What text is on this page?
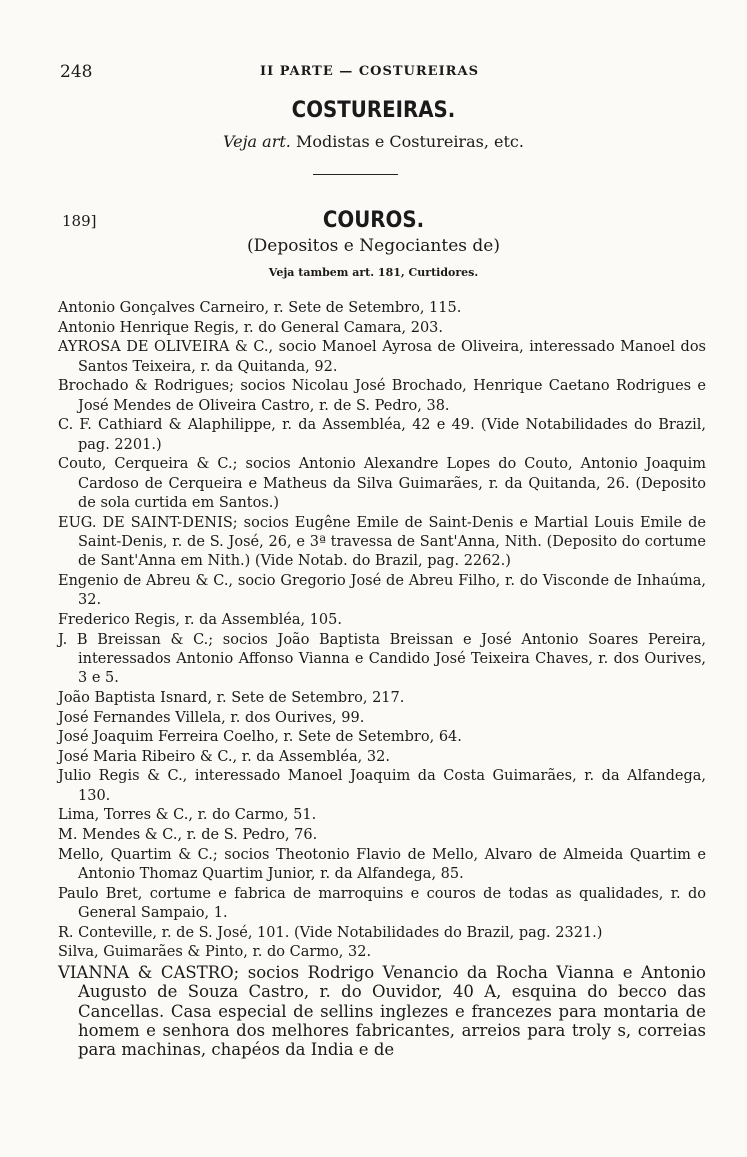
248	II PARTE — COSTUREIRAS
COSTUREIRAS.
Veja art. Modistas e Costureiras, etc.
189]	COUROS.
(Depositos e Negociantes de)
Veja tambem art. 181, Curtidores.

Antonio Gonçalves Carneiro, r. Sete de Setembro, 115.

Antonio Henrique Regis, r. do General Camara, 203.

AYROSA DE OLIVEIRA & C., socio Manoel Ayrosa de Oliveira, interessado Manoel dos Santos Teixeira, r. da Quitanda, 92.

Brochado & Rodrigues; socios Nicolau José Brochado, Henrique Caetano Rodrigues e José Mendes de Oliveira Castro, r. de S. Pedro, 38.

C. F. Cathiard & Alaphilippe, r. da Assembléa, 42 e 49. (Vide Notabilidades do Brazil, pag. 2201.)

Couto, Cerqueira & C.; socios Antonio Alexandre Lopes do Couto, Antonio Joaquim Cardoso de Cerqueira e Matheus da Silva Guimarães, r. da Quitanda, 26. (Deposito de sola curtida em Santos.)

EUG. DE SAINT-DENIS; socios Eugêne Emile de Saint-Denis e Martial Louis Emile de Saint-Denis, r. de S. José, 26, e 3ª travessa de Sant'Anna, Nith. (Deposito do cortume de Sant'Anna em Nith.) (Vide Notab. do Brazil, pag. 2262.)

Engenio de Abreu & C., socio Gregorio José de Abreu Filho, r. do Visconde de Inhaúma, 32.

Frederico Regis, r. da Assembléa, 105.

J. B Breissan & C.; socios João Baptista Breissan e José Antonio Soares Pereira, interessados Antonio Affonso Vianna e Candido José Teixeira Chaves, r. dos Ourives, 3 e 5.

João Baptista Isnard, r. Sete de Setembro, 217.

José Fernandes Villela, r. dos Ourives, 99.

José Joaquim Ferreira Coelho, r. Sete de Setembro, 64.

José Maria Ribeiro & C., r. da Assembléa, 32.

Julio Regis & C., interessado Manoel Joaquim da Costa Guimarães, r. da Alfandega, 130.

Lima, Torres & C., r. do Carmo, 51.

M. Mendes & C., r. de S. Pedro, 76.

Mello, Quartim & C.; socios Theotonio Flavio de Mello, Alvaro de Almeida Quartim e Antonio Thomaz Quartim Junior, r. da Alfandega, 85.

Paulo Bret, cortume e fabrica de marroquins e couros de todas as qualidades, r. do General Sampaio, 1.

R. Conteville, r. de S. José, 101. (Vide Notabilidades do Brazil, pag. 2321.)

Silva, Guimarães & Pinto, r. do Carmo, 32.

VIANNA & CASTRO; socios Rodrigo Venancio da Rocha Vianna e Antonio Augusto de Souza Castro, r. do Ouvidor, 40 A, esquina do becco das Cancellas. Casa especial de sellins inglezes e francezes para montaria de homem e senhora dos melhores fabricantes, arreios para troly s, correias para machinas, chapéos da India e de
